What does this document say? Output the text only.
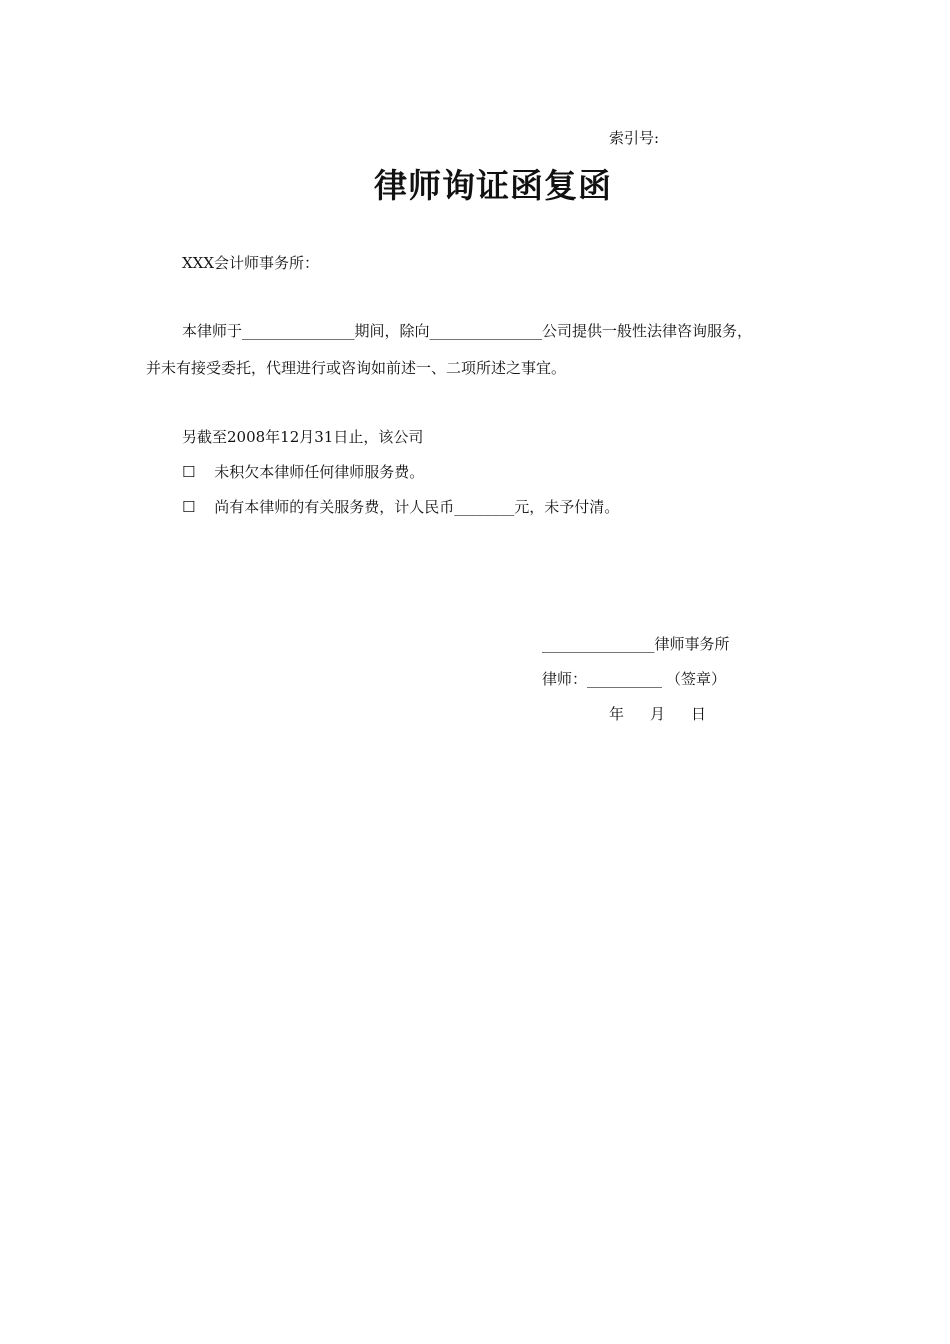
索引号:
律师询证函复函
XXX会计师事务所：
本律师于_______________期间，除向_______________公司提供一般性法律咨询服务，
并未有接受委托，代理进行或咨询如前述一、二项所述之事宜。
另截至2008年12月31日止，该公司
☐ 未积欠本律师任何律师服务费。
☐ 尚有本律师的有关服务费，计人民币________元，未予付清。
_______________律师事务所
律师：__________ （签章）
年 月 日
